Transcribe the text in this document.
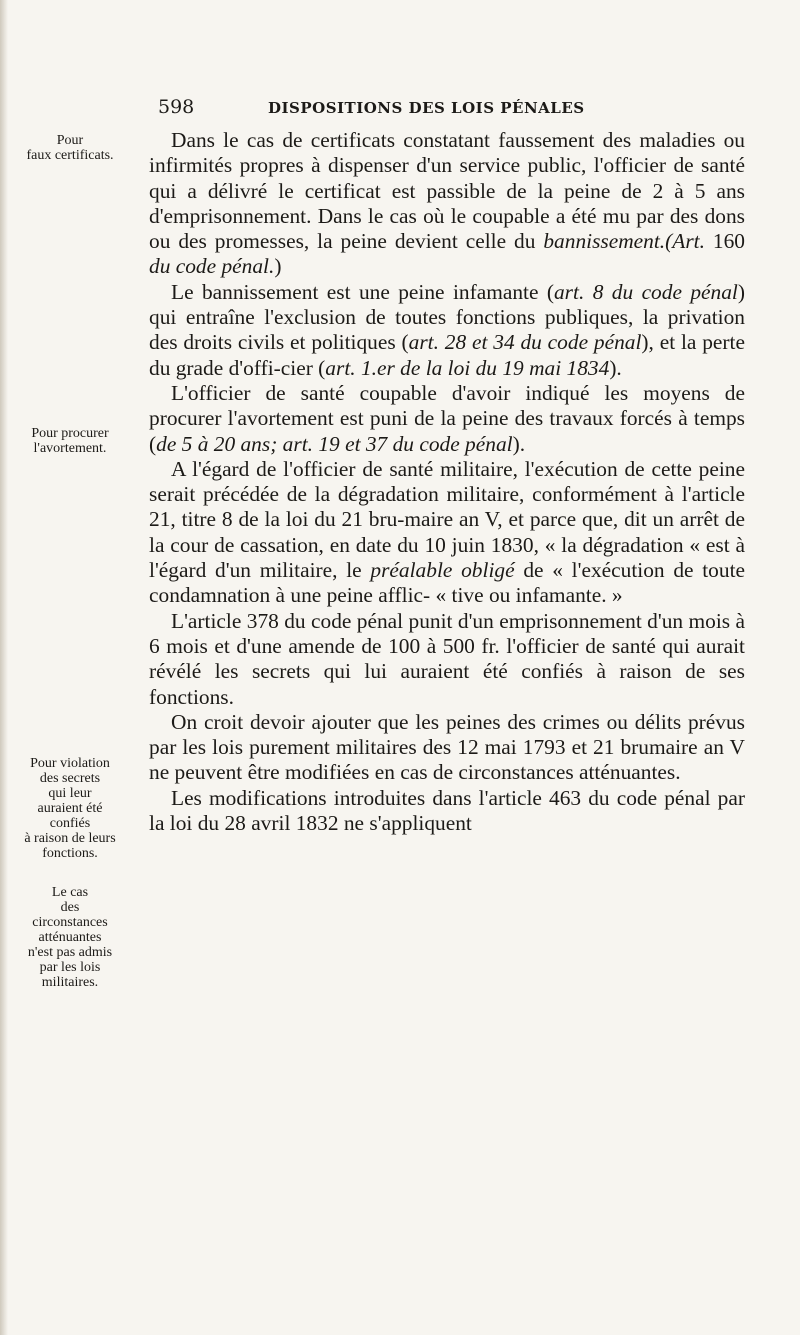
598	DISPOSITIONS DES LOIS PÉNALES
Pour
faux certificats.
Pour procurer
l'avortement.
Pour violation
des secrets
qui leur
auraient été
confiés
à raison de leurs
fonctions.
Le cas
des
circonstances
atténuantes
n'est pas admis
par les lois
militaires.

Dans le cas de certificats constatant faussement des maladies ou infirmités propres à dispenser d'un service public, l'officier de santé qui a délivré le certificat est passible de la peine de 2 à 5 ans d'emprisonnement. Dans le cas où le coupable a été mu par des dons ou des promesses, la peine devient celle du bannissement.(Art. 160 du code pénal.)

Le bannissement est une peine infamante (art. 8 du code pénal) qui entraîne l'exclusion de toutes fonctions publiques, la privation des droits civils et politiques (art. 28 et 34 du code pénal), et la perte du grade d'offi-cier (art. 1.er de la loi du 19 mai 1834).

L'officier de santé coupable d'avoir indiqué les moyens de procurer l'avortement est puni de la peine des travaux forcés à temps (de 5 à 20 ans; art. 19 et 37 du code pénal).

A l'égard de l'officier de santé militaire, l'exécution de cette peine serait précédée de la dégradation militaire, conformément à l'article 21, titre 8 de la loi du 21 bru-maire an V, et parce que, dit un arrêt de la cour de cassation, en date du 10 juin 1830, « la dégradation « est à l'égard d'un militaire, le préalable obligé de « l'exécution de toute condamnation à une peine afflic- « tive ou infamante. »

L'article 378 du code pénal punit d'un emprisonnement d'un mois à 6 mois et d'une amende de 100 à 500 fr. l'officier de santé qui aurait révélé les secrets qui lui auraient été confiés à raison de ses fonctions.

On croit devoir ajouter que les peines des crimes ou délits prévus par les lois purement militaires des 12 mai 1793 et 21 brumaire an V ne peuvent être modifiées en cas de circonstances atténuantes.

Les modifications introduites dans l'article 463 du code pénal par la loi du 28 avril 1832 ne s'appliquent
